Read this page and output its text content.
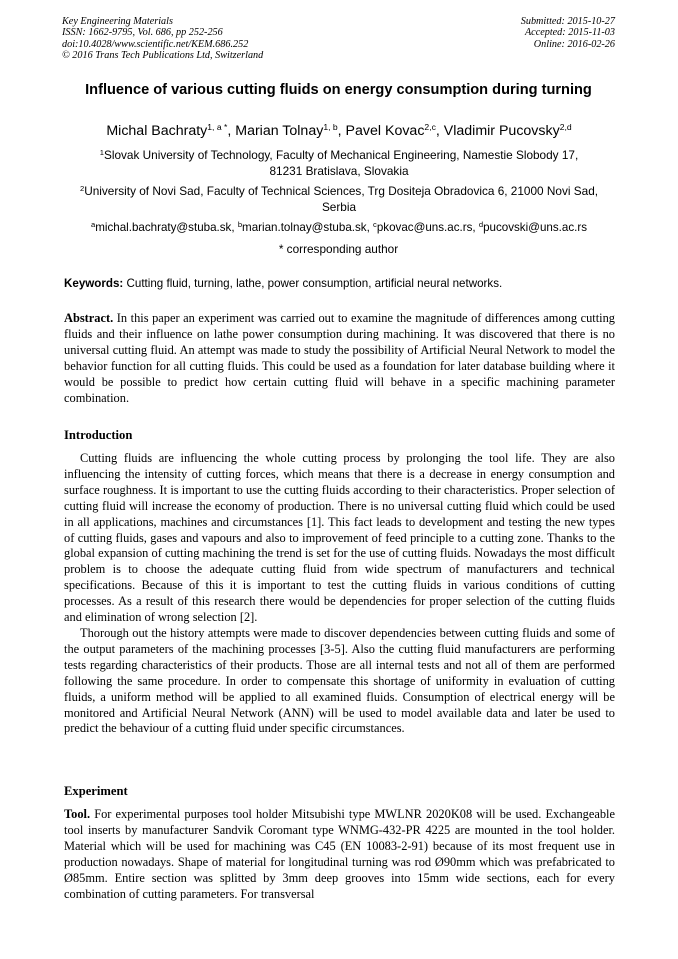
Key Engineering Materials
ISSN: 1662-9795, Vol. 686, pp 252-256
doi:10.4028/www.scientific.net/KEM.686.252
© 2016 Trans Tech Publications Ltd, Switzerland
Submitted: 2015-10-27
Accepted: 2015-11-03
Online: 2016-02-26
Influence of various cutting fluids on energy consumption during turning
Michal Bachraty$^{1, a *}$, Marian Tolnay$^{1, b}$, Pavel Kovac$^{2,c}$, Vladimir Pucovsky$^{2,d}$
$^1$Slovak University of Technology, Faculty of Mechanical Engineering, Namestie Slobody 17, 81231 Bratislava, Slovakia
$^2$University of Novi Sad, Faculty of Technical Sciences, Trg Dositeja Obradovica 6, 21000 Novi Sad, Serbia
$^a$michal.bachraty@stuba.sk, $^b$marian.tolnay@stuba.sk, $^c$pkovac@uns.ac.rs, $^d$pucovski@uns.ac.rs
* corresponding author
Keywords: Cutting fluid, turning, lathe, power consumption, artificial neural networks.

Abstract. In this paper an experiment was carried out to examine the magnitude of differences among cutting fluids and their influence on lathe power consumption during machining. It was discovered that there is no universal cutting fluid. An attempt was made to study the possibility of Artificial Neural Network to model the behavior function for all cutting fluids. This could be used as a foundation for later database building where it would be possible to predict how certain cutting fluid will behave in a specific machining parameter combination.

Introduction

Cutting fluids are influencing the whole cutting process by prolonging the tool life. They are also influencing the intensity of cutting forces, which means that there is a decrease in energy consumption and surface roughness. It is important to use the cutting fluids according to their characteristics. Proper selection of cutting fluid will increase the economy of production. There is no universal cutting fluid which could be used in all applications, machines and circumstances [1]. This fact leads to development and testing the new types of cutting fluids, gases and vapours and also to improvement of feed principle to a cutting zone. Thanks to the global expansion of cutting machining the trend is set for the use of cutting fluids. Nowadays the most difficult problem is to choose the adequate cutting fluid from wide spectrum of manufacturers and technical specifications. Because of this it is important to test the cutting fluids in various conditions of cutting processes. As a result of this research there would be dependencies for proper selection of the cutting fluids and elimination of wrong selection [2].

Thorough out the history attempts were made to discover dependencies between cutting fluids and some of the output parameters of the machining processes [3-5]. Also the cutting fluid manufacturers are performing tests regarding characteristics of their products. Those are all internal tests and not all of them are performed following the same procedure. In order to compensate this shortage of uniformity in evaluation of cutting fluids, a uniform method will be applied to all examined fluids. Consumption of electrical energy will be monitored and Artificial Neural Network (ANN) will be used to model available data and later be used to predict the behaviour of a cutting fluid under specific circumstances.

Experiment

Tool. For experimental purposes tool holder Mitsubishi type MWLNR 2020K08 will be used. Exchangeable tool inserts by manufacturer Sandvik Coromant type WNMG-432-PR 4225 are mounted in the tool holder. Material which will be used for machining was C45 (EN 10083-2-91) because of its most frequent use in production nowadays. Shape of material for longitudinal turning was rod Ø90mm which was prefabricated to Ø85mm. Entire section was splitted by 3mm deep grooves into 15mm wide sections, each for every combination of cutting parameters. For transversal
